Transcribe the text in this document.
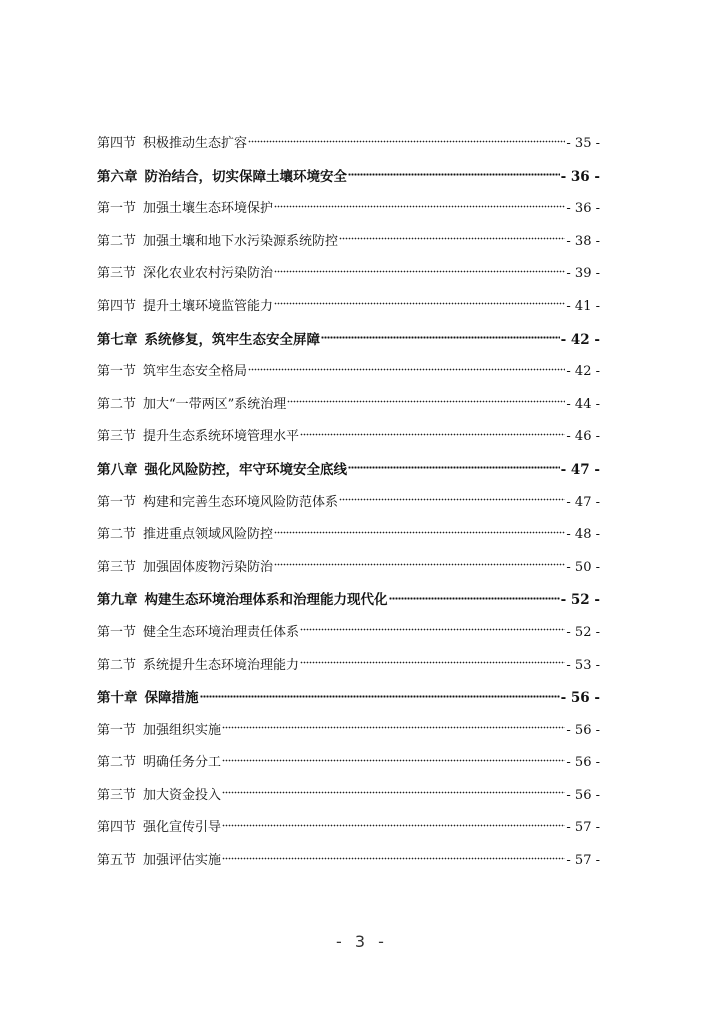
第四节 积极推动生态扩容	- 35 -
第六章 防治结合，切实保障土壤环境安全	- 36 -
第一节 加强土壤生态环境保护	- 36 -
第二节 加强土壤和地下水污染源系统防控	- 38 -
第三节 深化农业农村污染防治	- 39 -
第四节 提升土壤环境监管能力	- 41 -
第七章 系统修复，筑牢生态安全屏障	- 42 -
第一节 筑牢生态安全格局	- 42 -
第二节 加大“一带两区”系统治理	- 44 -
第三节 提升生态系统环境管理水平	- 46 -
第八章 强化风险防控，牢守环境安全底线	- 47 -
第一节 构建和完善生态环境风险防范体系	- 47 -
第二节 推进重点领域风险防控	- 48 -
第三节 加强固体废物污染防治	- 50 -
第九章 构建生态环境治理体系和治理能力现代化	- 52 -
第一节 健全生态环境治理责任体系	- 52 -
第二节 系统提升生态环境治理能力	- 53 -
第十章 保障措施	- 56 -
第一节 加强组织实施	- 56 -
第二节 明确任务分工	- 56 -
第三节 加大资金投入	- 56 -
第四节 强化宣传引导	- 57 -
第五节 加强评估实施	- 57 -
- 3 -
